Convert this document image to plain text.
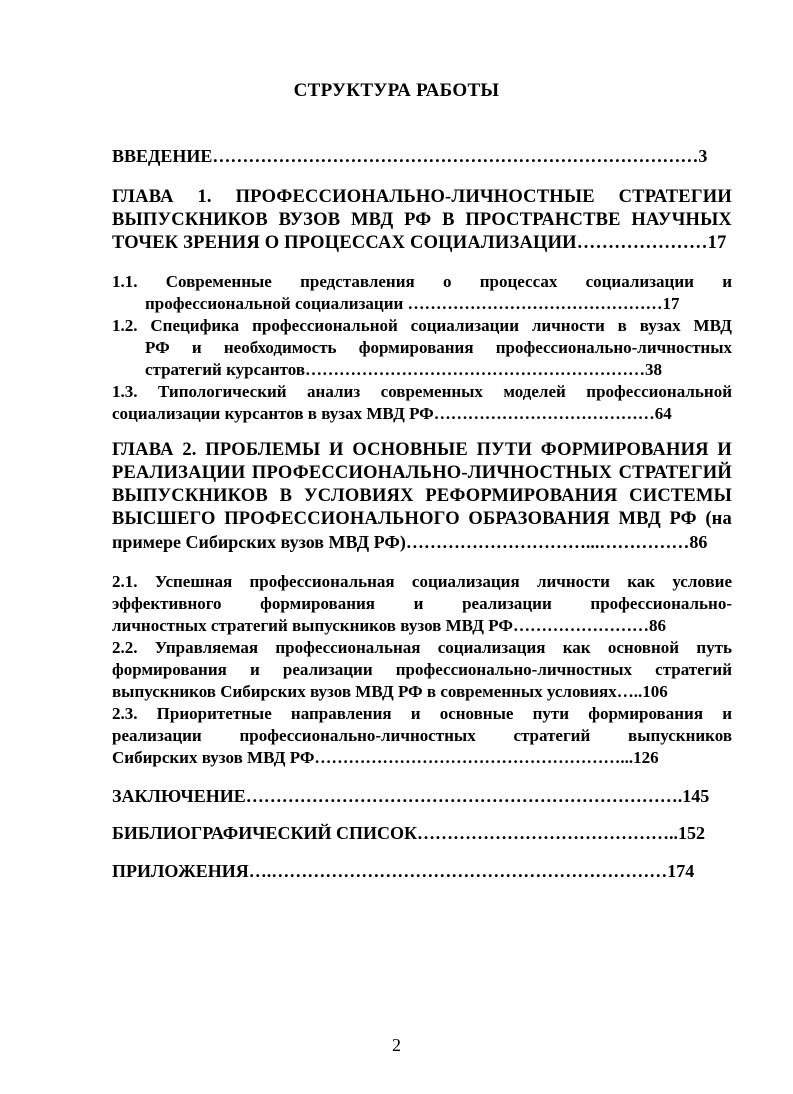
СТРУКТУРА РАБОТЫ
ВВЕДЕНИЕ………………………………………………………………………3
ГЛАВА 1. ПРОФЕССИОНАЛЬНО-ЛИЧНОСТНЫЕ СТРАТЕГИИ
ВЫПУСКНИКОВ ВУЗОВ МВД РФ В ПРОСТРАНСТВЕ НАУЧНЫХ
ТОЧЕК ЗРЕНИЯ О ПРОЦЕССАХ СОЦИАЛИЗАЦИИ…………………17
1.1. Современные представления о процессах социализации и
профессиональной социализации ………………………………………17
1.2. Специфика профессиональной социализации личности в вузах МВД
РФ и необходимость формирования профессионально-личностных
стратегий курсантов……………………………………………………38
1.3. Типологический анализ современных моделей профессиональной
социализации курсантов в вузах МВД РФ…………………………………64
ГЛАВА 2. ПРОБЛЕМЫ И ОСНОВНЫЕ ПУТИ ФОРМИРОВАНИЯ И
РЕАЛИЗАЦИИ ПРОФЕССИОНАЛЬНО-ЛИЧНОСТНЫХ СТРАТЕГИЙ
ВЫПУСКНИКОВ В УСЛОВИЯХ РЕФОРМИРОВАНИЯ СИСТЕМЫ
ВЫСШЕГО ПРОФЕССИОНАЛЬНОГО ОБРАЗОВАНИЯ МВД РФ (на
примере Сибирских вузов МВД РФ)…………………………...……………86
2.1. Успешная профессиональная социализация личности как условие
эффективного формирования и реализации профессионально-
личностных стратегий выпускников вузов МВД РФ……………………86
2.2. Управляемая профессиональная социализация как основной путь
формирования и реализации профессионально-личностных стратегий
выпускников Сибирских вузов МВД РФ в современных условиях…..106
2.3. Приоритетные направления и основные пути формирования и
реализации профессионально-личностных стратегий выпускников
Сибирских вузов МВД РФ………………………………………………...126
ЗАКЛЮЧЕНИЕ……………………………………………………………….145
БИБЛИОГРАФИЧЕСКИЙ СПИСОК……………………………………..152
ПРИЛОЖЕНИЯ….…………………………………………………………174
2
